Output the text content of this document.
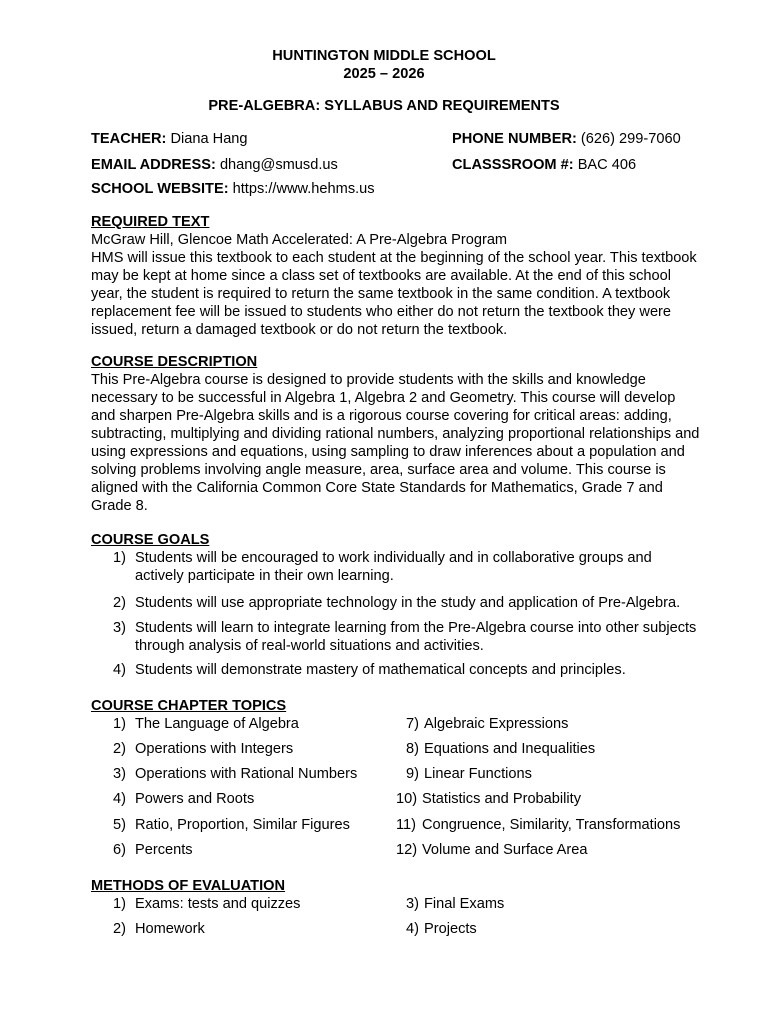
HUNTINGTON MIDDLE SCHOOL
2025 – 2026
PRE-ALGEBRA: SYLLABUS AND REQUIREMENTS
TEACHER: Diana Hang	PHONE NUMBER: (626) 299-7060
EMAIL ADDRESS: dhang@smusd.us	CLASSSROOM #: BAC 406
SCHOOL WEBSITE: https://www.hehms.us
REQUIRED TEXT
McGraw Hill, Glencoe Math Accelerated: A Pre-Algebra Program
HMS will issue this textbook to each student at the beginning of the school year. This textbook
may be kept at home since a class set of textbooks are available. At the end of this school
year, the student is required to return the same textbook in the same condition. A textbook
replacement fee will be issued to students who either do not return the textbook they were
issued, return a damaged textbook or do not return the textbook.
COURSE DESCRIPTION
This Pre-Algebra course is designed to provide students with the skills and knowledge
necessary to be successful in Algebra 1, Algebra 2 and Geometry. This course will develop
and sharpen Pre-Algebra skills and is a rigorous course covering for critical areas: adding,
subtracting, multiplying and dividing rational numbers, analyzing proportional relationships and
using expressions and equations, using sampling to draw inferences about a population and
solving problems involving angle measure, area, surface area and volume. This course is
aligned with the California Common Core State Standards for Mathematics, Grade 7 and
Grade 8.
COURSE GOALS
1) Students will be encouraged to work individually and in collaborative groups and
actively participate in their own learning.
2) Students will use appropriate technology in the study and application of Pre-Algebra.
3) Students will learn to integrate learning from the Pre-Algebra course into other subjects
through analysis of real-world situations and activities.
4) Students will demonstrate mastery of mathematical concepts and principles.
COURSE CHAPTER TOPICS
1) The Language of Algebra
2) Operations with Integers
3) Operations with Rational Numbers
4) Powers and Roots
5) Ratio, Proportion, Similar Figures
6) Percents
7) Algebraic Expressions
8) Equations and Inequalities
9) Linear Functions
10) Statistics and Probability
11) Congruence, Similarity, Transformations
12) Volume and Surface Area
METHODS OF EVALUATION
1) Exams: tests and quizzes
2) Homework
3) Final Exams
4) Projects
